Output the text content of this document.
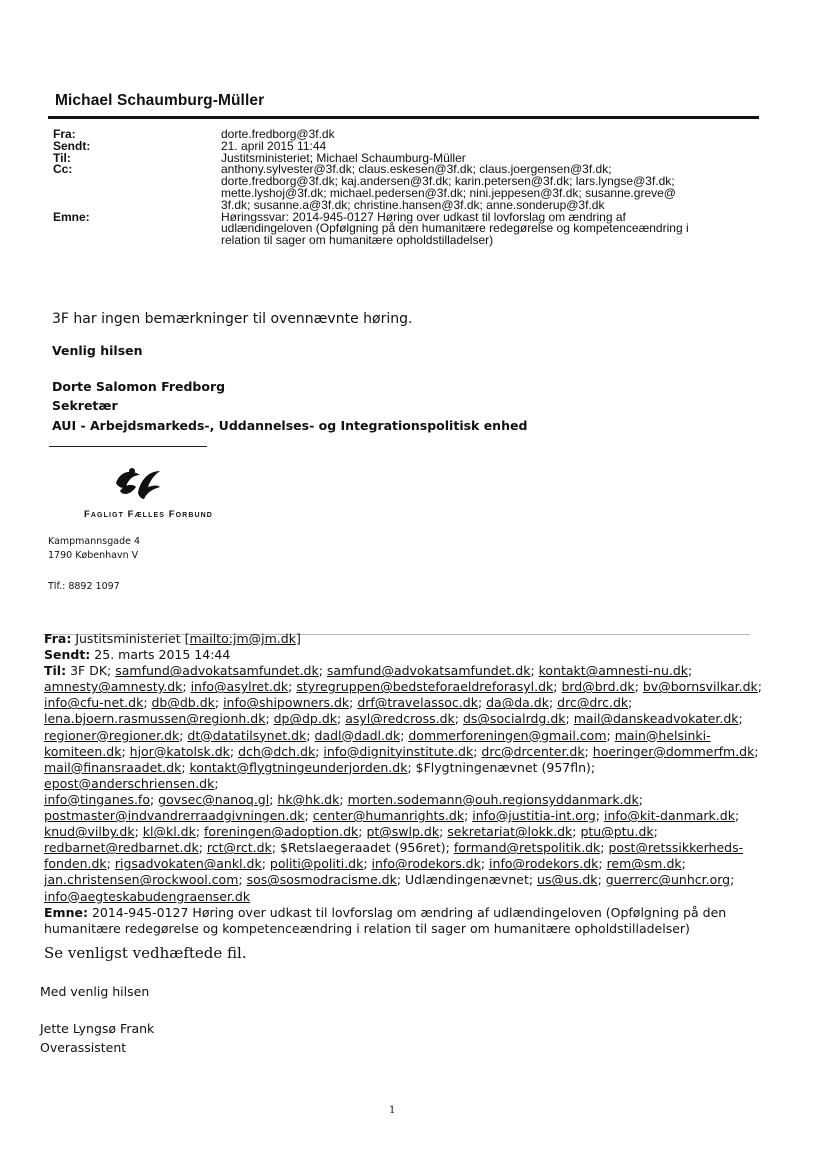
Michael Schaumburg-Müller
Fra:	dorte.fredborg@3f.dk
Sendt:	21. april 2015 11:44
Til:	Justitsministeriet; Michael Schaumburg-Müller
Cc:	anthony.sylvester@3f.dk; claus.eskesen@3f.dk; claus.joergensen@3f.dk;
dorte.fredborg@3f.dk; kaj.andersen@3f.dk; karin.petersen@3f.dk; lars.lyngse@3f.dk;
mette.lyshoj@3f.dk; michael.pedersen@3f.dk; nini.jeppesen@3f.dk; susanne.greve@
3f.dk; susanne.a@3f.dk; christine.hansen@3f.dk; anne.sonderup@3f.dk
Emne:	Høringssvar: 2014-945-0127 Høring over udkast til lovforslag om ændring af
udlændingeloven (Opfølgning på den humanitære redegørelse og kompetenceændring i
relation til sager om humanitære opholdstilladelser)
3F har ingen bemærkninger til ovennævnte høring.
Venlig hilsen
Dorte Salomon Fredborg
Sekretær
AUI - Arbejdsmarkeds-, Uddannelses- og Integrationspolitisk enhed
Fagligt Fælles Forbund
Kampmannsgade 4
1790 København V
Tlf.: 8892 1097
Fra: Justitsministeriet [mailto:jm@jm.dk]
Sendt: 25. marts 2015 14:44
Til: 3F DK; samfund@advokatsamfundet.dk; samfund@advokatsamfundet.dk; kontakt@amnesti-nu.dk;
amnesty@amnesty.dk; info@asylret.dk; styregruppen@bedsteforaeldreforasyl.dk; brd@brd.dk; bv@bornsvilkar.dk;
info@cfu-net.dk; db@db.dk; info@shipowners.dk; drf@travelassoc.dk; da@da.dk; drc@drc.dk;
lena.bjoern.rasmussen@regionh.dk; dp@dp.dk; asyl@redcross.dk; ds@socialrdg.dk; mail@danskeadvokater.dk;
regioner@regioner.dk; dt@datatilsynet.dk; dadl@dadl.dk; dommerforeningen@gmail.com; main@helsinki-
komiteen.dk; hjor@katolsk.dk; dch@dch.dk; info@dignityinstitute.dk; drc@drcenter.dk; hoeringer@dommerfm.dk;
mail@finansraadet.dk; kontakt@flygtningeunderjorden.dk; $Flygtningenævnet (957fln); epost@anderschriensen.dk;
info@tinganes.fo; govsec@nanoq.gl; hk@hk.dk; morten.sodemann@ouh.regionsyddanmark.dk;
postmaster@indvandrerraadgivningen.dk; center@humanrights.dk; info@justitia-int.org; info@kit-danmark.dk;
knud@vilby.dk; kl@kl.dk; foreningen@adoption.dk; pt@swlp.dk; sekretariat@lokk.dk; ptu@ptu.dk;
redbarnet@redbarnet.dk; rct@rct.dk; $Retslaegeraadet (956ret); formand@retspolitik.dk; post@retssikkerheds-
fonden.dk; rigsadvokaten@ankl.dk; politi@politi.dk; info@rodekors.dk; info@rodekors.dk; rem@sm.dk;
jan.christensen@rockwool.com; sos@sosmodracisme.dk; Udlændingenævnet; us@us.dk; guerrerc@unhcr.org;
info@aegteskabudengraenser.dk
Emne: 2014-945-0127 Høring over udkast til lovforslag om ændring af udlændingeloven (Opfølgning på den
humanitære redegørelse og kompetenceændring i relation til sager om humanitære opholdstilladelser)
Se venligst vedhæftede fil.
Med venlig hilsen
Jette Lyngsø Frank
Overassistent
1
